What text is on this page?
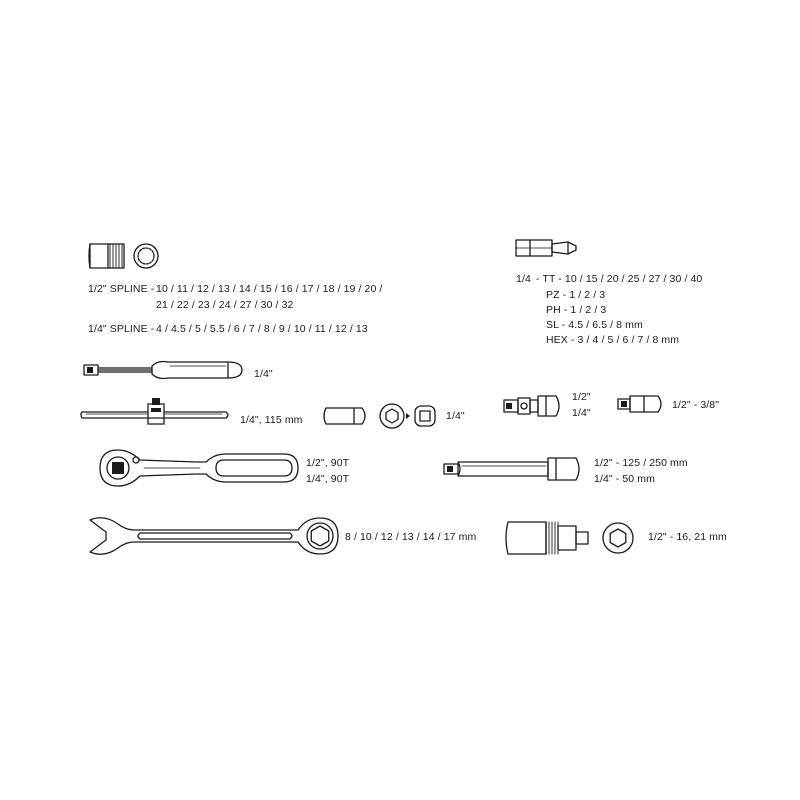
1/2" SPLINE - 10 / 11 / 12 / 13 / 14 / 15 / 16 / 17 / 18 / 19 / 20 /
21 / 22 / 23 / 24 / 27 / 30 / 32
1/4" SPLINE - 4 / 4.5 / 5 / 5.5 / 6 / 7 / 8 / 9 / 10 / 11 / 12 / 13
1/4 - TT - 10 / 15 / 20 / 25 / 27 / 30 / 40
PZ - 1 / 2 / 3
PH - 1 / 2 / 3
SL - 4.5 / 6.5 / 8 mm
HEX - 3 / 4 / 5 / 6 / 7 / 8 mm
1/4"
1/4", 115 mm	1/4"
1/2"
1/4"
1/2" - 3/8"
1/2", 90T
1/4", 90T
1/2" - 125 / 250 mm
1/4" - 50 mm
8 / 10 / 12 / 13 / 14 / 17 mm	1/2" - 16, 21 mm
